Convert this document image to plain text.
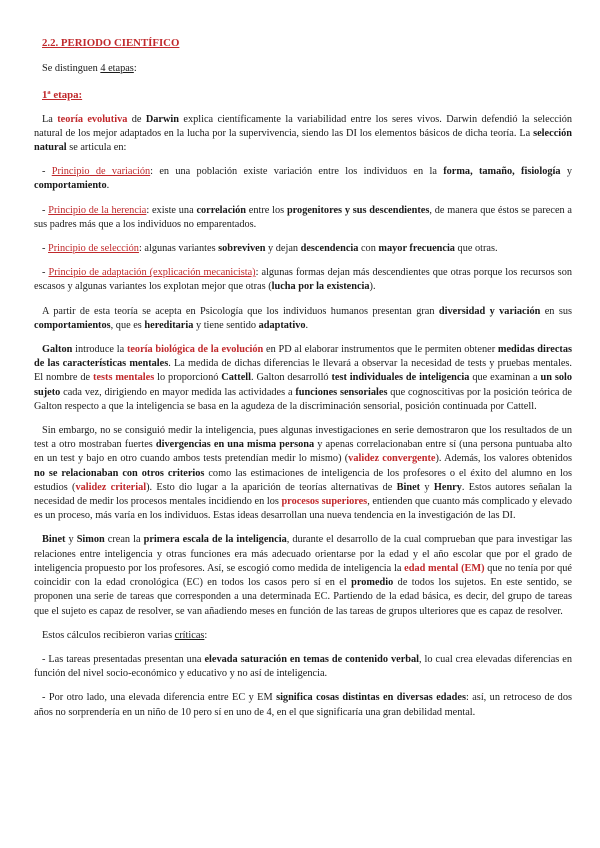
2.2. PERIODO CIENTÍFICO

Se distinguen 4 etapas:

1ª etapa:

La teoría evolutiva de Darwin explica científicamente la variabilidad entre los seres vivos. Darwin defendió la selección natural de los mejor adaptados en la lucha por la supervivencia, siendo las DI los elementos básicos de dicha teoría. La selección natural se articula en:

- Principio de variación: en una población existe variación entre los individuos en la forma, tamaño, fisiología y comportamiento.

- Principio de la herencia: existe una correlación entre los progenitores y sus descendientes, de manera que éstos se parecen a sus padres más que a los individuos no emparentados.

- Principio de selección: algunas variantes sobreviven y dejan descendencia con mayor frecuencia que otras.

- Principio de adaptación (explicación mecanicista): algunas formas dejan más descendientes que otras porque los recursos son escasos y algunas variantes los explotan mejor que otras (lucha por la existencia).

A partir de esta teoría se acepta en Psicología que los individuos humanos presentan gran diversidad y variación en sus comportamientos, que es hereditaria y tiene sentido adaptativo.

Galton introduce la teoría biológica de la evolución en PD al elaborar instrumentos que le permiten obtener medidas directas de las características mentales. La medida de dichas diferencias le llevará a observar la necesidad de tests y pruebas mentales. El nombre de tests mentales lo proporcionó Cattell. Galton desarrolló test individuales de inteligencia que examinan a un solo sujeto cada vez, dirigiendo en mayor medida las actividades a funciones sensoriales que cognoscitivas por la posición teórica de Galton respecto a que la inteligencia se basa en la agudeza de la discriminación sensorial, posición continuada por Cattell.

Sin embargo, no se consiguió medir la inteligencia, pues algunas investigaciones en serie demostraron que los resultados de un test a otro mostraban fuertes divergencias en una misma persona y apenas correlacionaban entre sí (una persona puntuaba alto en un test y bajo en otro cuando ambos tests pretendían medir lo mismo) (validez convergente). Además, los valores obtenidos no se relacionaban con otros criterios como las estimaciones de inteligencia de los profesores o el éxito del alumno en los estudios (validez criterial). Esto dio lugar a la aparición de teorías alternativas de Binet y Henry. Estos autores señalan la necesidad de medir los procesos mentales incidiendo en los procesos superiores, entienden que cuanto más complicado y elevado es un proceso, más varía en los individuos. Estas ideas desarrollan una nueva tendencia en la investigación de las DI.

Binet y Simon crean la primera escala de la inteligencia, durante el desarrollo de la cual comprueban que para investigar las relaciones entre inteligencia y otras funciones era más adecuado orientarse por la edad y el año escolar que por el grado de inteligencia propuesto por los profesores. Así, se escogió como medida de inteligencia la edad mental (EM) que no tenía por qué coincidir con la edad cronológica (EC) en todos los casos pero sí en el promedio de todos los sujetos. En este sentido, se proponen una serie de tareas que corresponden a una determinada EC. Partiendo de la edad básica, es decir, del grupo de tareas que el sujeto es capaz de resolver, se van añadiendo meses en función de las tareas de grupos ulteriores que es capaz de resolver.

Estos cálculos recibieron varias críticas:

- Las tareas presentadas presentan una elevada saturación en temas de contenido verbal, lo cual crea elevadas diferencias en función del nivel socio-económico y educativo y no así de inteligencia.

- Por otro lado, una elevada diferencia entre EC y EM significa cosas distintas en diversas edades: así, un retroceso de dos años no sorprendería en un niño de 10 pero sí en uno de 4, en el que significaría una gran debilidad mental.
